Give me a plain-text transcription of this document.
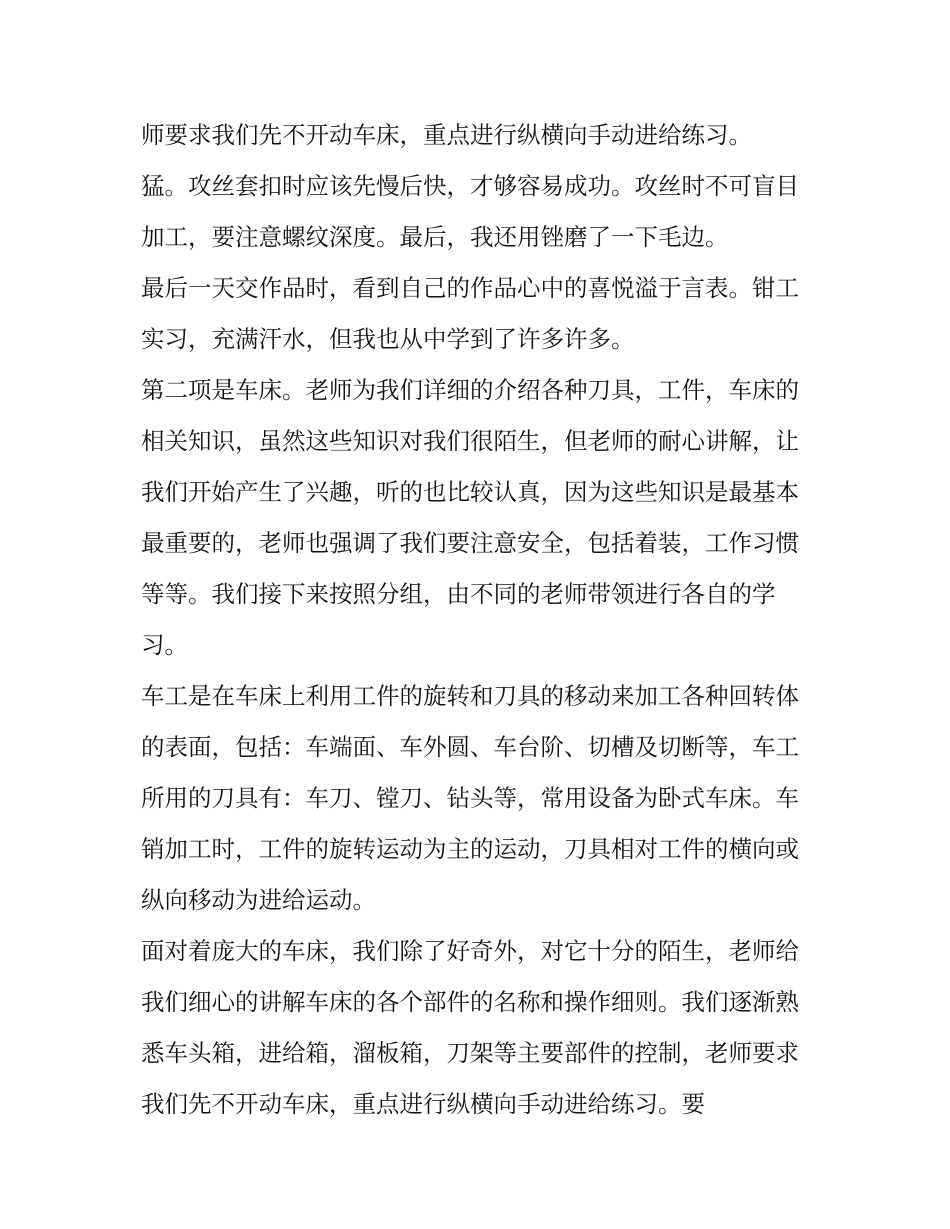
师要求我们先不开动车床，重点进行纵横向手动进给练习。

猛。攻丝套扣时应该先慢后快，才够容易成功。攻丝时不可盲目加工，要注意螺纹深度。最后，我还用锉磨了一下毛边。

最后一天交作品时，看到自己的作品心中的喜悦溢于言表。钳工实习，充满汗水，但我也从中学到了许多许多。

第二项是车床。老师为我们详细的介绍各种刀具，工件，车床的相关知识，虽然这些知识对我们很陌生，但老师的耐心讲解，让我们开始产生了兴趣，听的也比较认真，因为这些知识是最基本最重要的，老师也强调了我们要注意安全，包括着装，工作习惯等等。我们接下来按照分组，由不同的老师带领进行各自的学习。

车工是在车床上利用工件的旋转和刀具的移动来加工各种回转体的表面，包括：车端面、车外圆、车台阶、切槽及切断等，车工所用的刀具有：车刀、镗刀、钻头等，常用设备为卧式车床。车销加工时，工件的旋转运动为主的运动，刀具相对工件的横向或纵向移动为进给运动。

面对着庞大的车床，我们除了好奇外，对它十分的陌生，老师给我们细心的讲解车床的各个部件的名称和操作细则。我们逐渐熟悉车头箱，进给箱，溜板箱，刀架等主要部件的控制，老师要求我们先不开动车床，重点进行纵横向手动进给练习。要
